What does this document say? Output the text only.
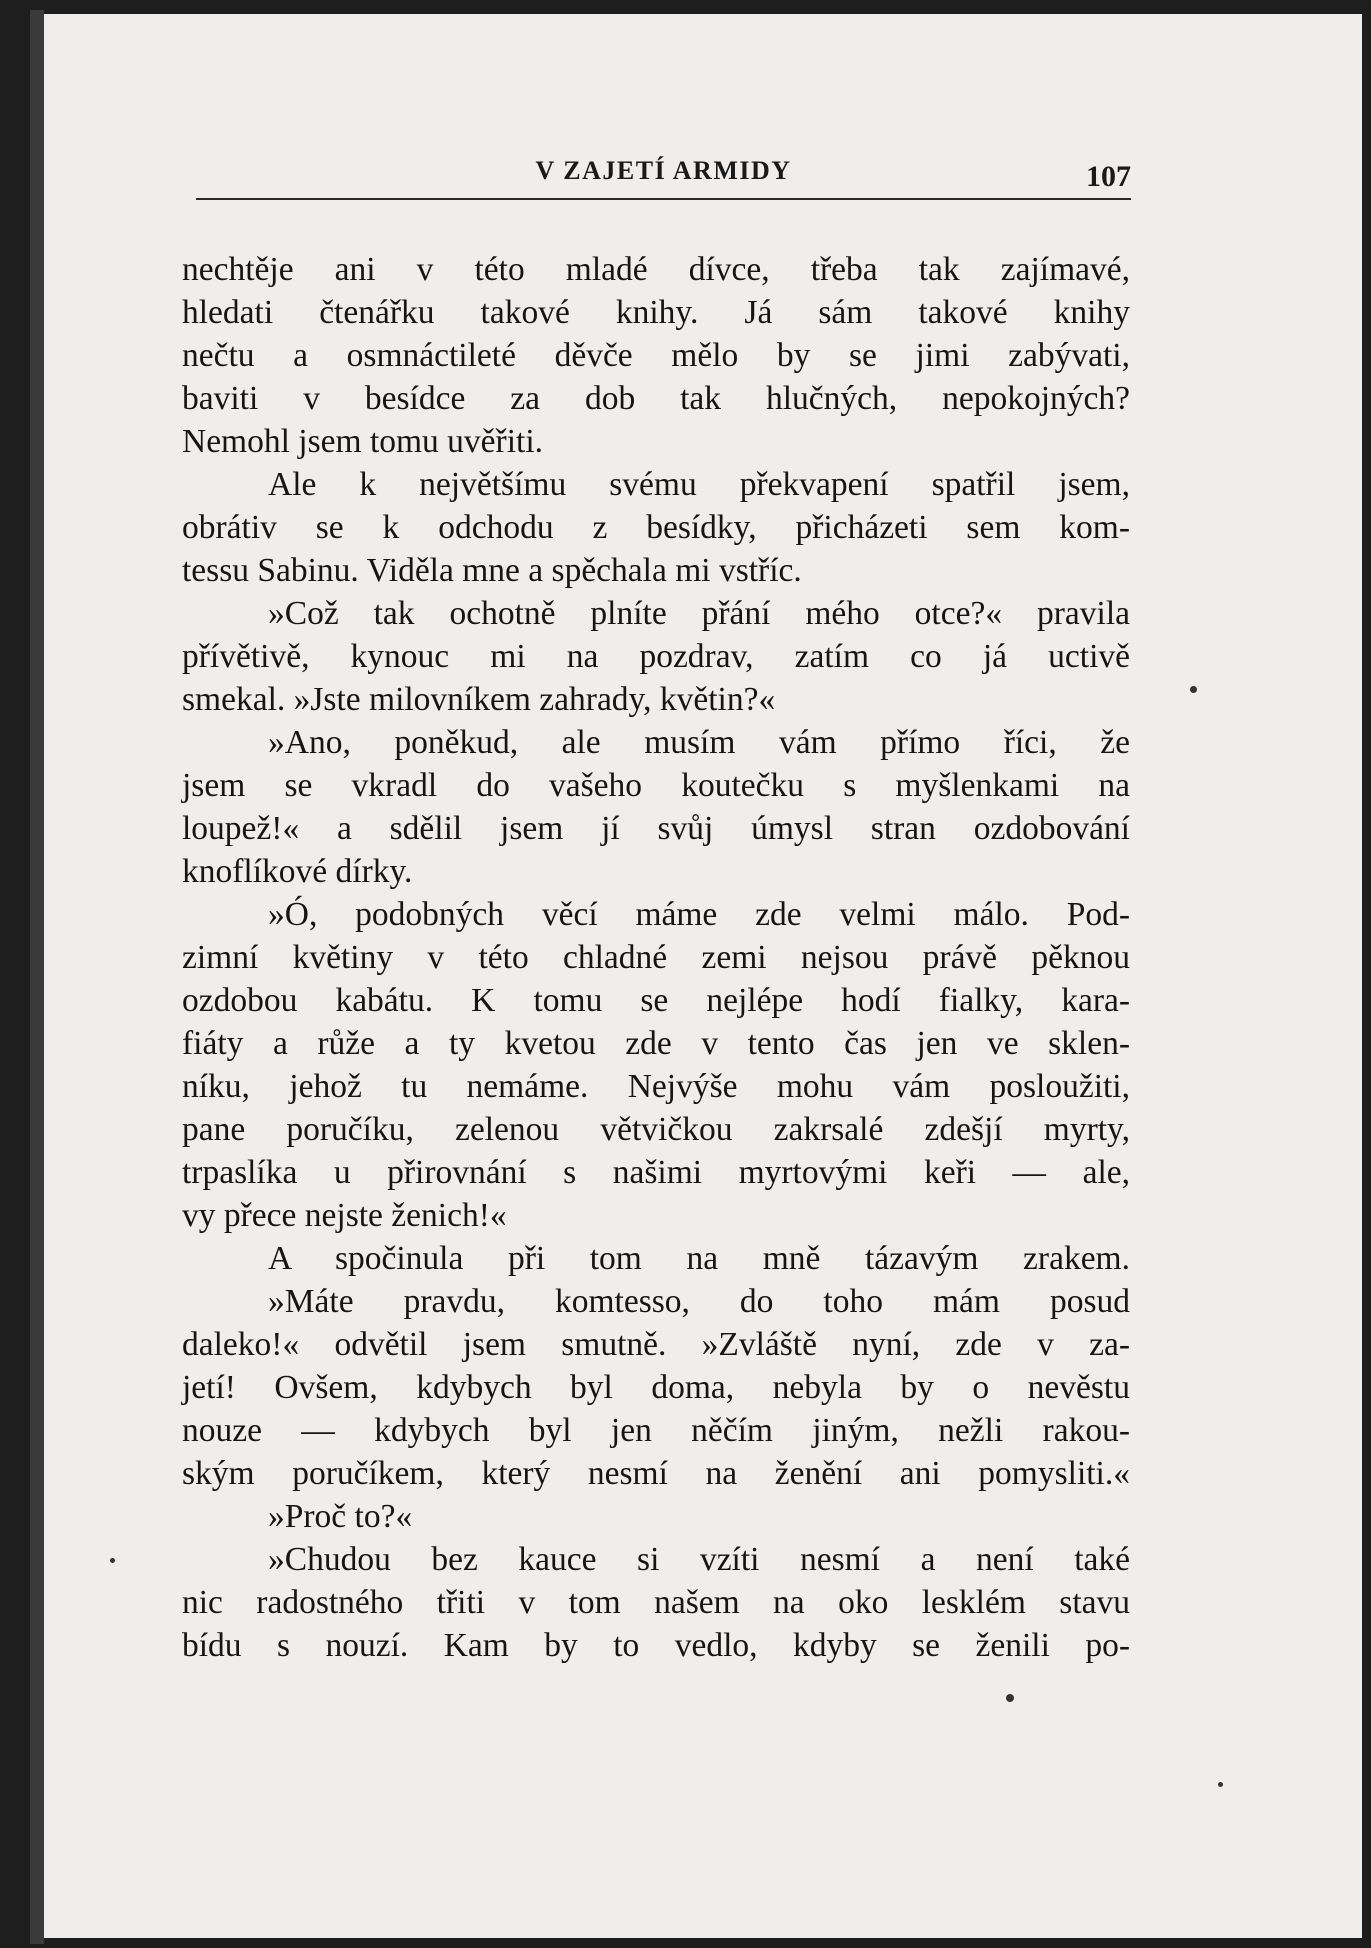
V ZAJETÍ ARMIDY	107
nechtěje ani v této mladé dívce, třeba tak zajímavé,
hledati čtenářku takové knihy. Já sám takové knihy
nečtu a osmnáctileté děvče mělo by se jimi zabývati,
baviti v besídce za dob tak hlučných, nepokojných?
Nemohl jsem tomu uvěřiti.
Ale k největšímu svému překvapení spatřil jsem,
obrátiv se k odchodu z besídky, přicházeti sem kom-
tessu Sabinu. Viděla mne a spěchala mi vstříc.
»Což tak ochotně plníte přání mého otce?« pravila
přívětivě, kynouc mi na pozdrav, zatím co já uctivě
smekal. »Jste milovníkem zahrady, květin?«
»Ano, poněkud, ale musím vám přímo říci, že
jsem se vkradl do vašeho koutečku s myšlenkami na
loupež!« a sdělil jsem jí svůj úmysl stran ozdobování
knoflíkové dírky.
»Ó, podobných věcí máme zde velmi málo. Pod-
zimní květiny v této chladné zemi nejsou právě pěknou
ozdobou kabátu. K tomu se nejlépe hodí fialky, kara-
fiáty a růže a ty kvetou zde v tento čas jen ve sklen-
níku, jehož tu nemáme. Nejvýše mohu vám posloužiti,
pane poručíku, zelenou větvičkou zakrsalé zdešjí myrty,
trpaslíka u přirovnání s našimi myrtovými keři — ale,
vy přece nejste ženich!«
A spočinula při tom na mně tázavým zrakem.
»Máte pravdu, komtesso, do toho mám posud
daleko!« odvětil jsem smutně. »Zvláště nyní, zde v za-
jetí! Ovšem, kdybych byl doma, nebyla by o nevěstu
nouze — kdybych byl jen něčím jiným, nežli rakou-
ským poručíkem, který nesmí na ženění ani pomysliti.«
»Proč to?«
»Chudou bez kauce si vzíti nesmí a není také
nic radostného třiti v tom našem na oko lesklém stavu
bídu s nouzí. Kam by to vedlo, kdyby se ženili po-
